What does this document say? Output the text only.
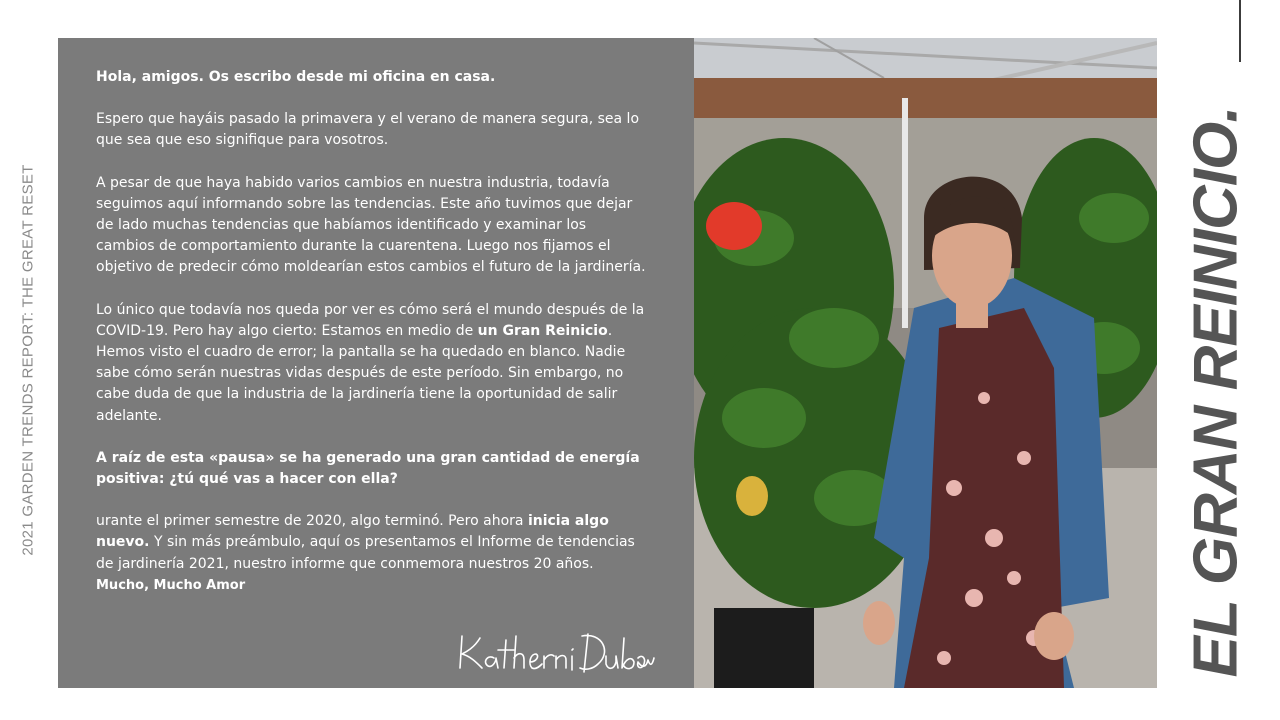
2021 GARDEN TRENDS REPORT: THE GREAT RESET

Hola, amigos. Os escribo desde mi oficina en casa.

Espero que hayáis pasado la primavera y el verano de manera segura, sea lo que sea que eso signifique para vosotros.

A pesar de que haya habido varios cambios en nuestra industria, todavía seguimos aquí informando sobre las tendencias. Este año tuvimos que dejar de lado muchas tendencias que habíamos identificado y examinar los cambios de comportamiento durante la cuarentena. Luego nos fijamos el objetivo de predecir cómo moldearían estos cambios el futuro de la jardinería.

Lo único que todavía nos queda por ver es cómo será el mundo después de la COVID-19. Pero hay algo cierto: Estamos en medio de un Gran Reinicio. Hemos visto el cuadro de error; la pantalla se ha quedado en blanco. Nadie sabe cómo serán nuestras vidas después de este período. Sin embargo, no cabe duda de que la industria de la jardinería tiene la oportunidad de salir adelante.

A raíz de esta «pausa» se ha generado una gran cantidad de energía positiva: ¿tú qué vas a hacer con ella?

urante el primer semestre de 2020, algo terminó. Pero ahora inicia algo nuevo. Y sin más preámbulo, aquí os presentamos el Informe de tendencias de jardinería 2021, nuestro informe que conmemora nuestros 20 años. Mucho, Mucho Amor	EL GRAN REINICIO.
